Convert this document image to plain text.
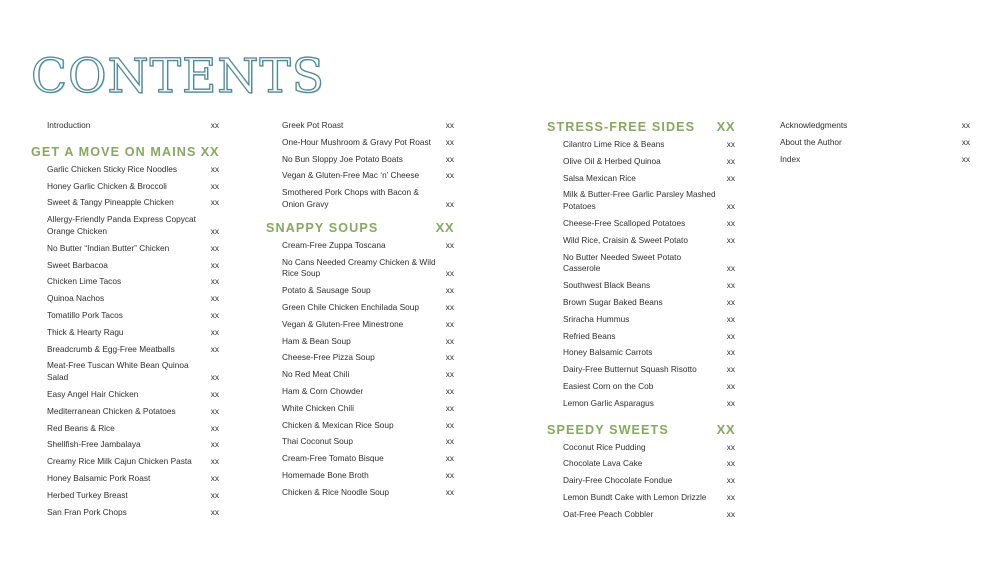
CONTENTS
Introduction	xx
GET A MOVE ON MAINS XX
Garlic Chicken Sticky Rice Noodles	xx
Honey Garlic Chicken & Broccoli	xx
Sweet & Tangy Pineapple Chicken	xx
Allergy-Friendly Panda Express Copycat Orange Chicken	xx
No Butter “Indian Butter” Chicken	xx
Sweet Barbacoa	xx
Chicken Lime Tacos	xx
Quinoa Nachos	xx
Tomatillo Pork Tacos	xx
Thick & Hearty Ragu	xx
Breadcrumb & Egg-Free Meatballs	xx
Meat-Free Tuscan White Bean Quinoa Salad	xx
Easy Angel Hair Chicken	xx
Mediterranean Chicken & Potatoes	xx
Red Beans & Rice	xx
Shellfish-Free Jambalaya	xx
Creamy Rice Milk Cajun Chicken Pasta	xx
Honey Balsamic Pork Roast	xx
Herbed Turkey Breast	xx
San Fran Pork Chops	xx
Greek Pot Roast	xx
One-Hour Mushroom & Gravy Pot Roast	xx
No Bun Sloppy Joe Potato Boats	xx
Vegan & Gluten-Free Mac ‘n’ Cheese	xx
Smothered Pork Chops with Bacon & Onion Gravy	xx
SNAPPY SOUPS	XX
Cream-Free Zuppa Toscana	xx
No Cans Needed Creamy Chicken & Wild Rice Soup	xx
Potato & Sausage Soup	xx
Green Chile Chicken Enchilada Soup	xx
Vegan & Gluten-Free Minestrone	xx
Ham & Bean Soup	xx
Cheese-Free Pizza Soup	xx
No Red Meat Chili	xx
Ham & Corn Chowder	xx
White Chicken Chili	xx
Chicken & Mexican Rice Soup	xx
Thai Coconut Soup	xx
Cream-Free Tomato Bisque	xx
Homemade Bone Broth	xx
Chicken & Rice Noodle Soup	xx
STRESS-FREE SIDES XX
Cilantro Lime Rice & Beans	xx
Olive Oil & Herbed Quinoa	xx
Salsa Mexican Rice	xx
Milk & Butter-Free Garlic Parsley Mashed Potatoes	xx
Cheese-Free Scalloped Potatoes	xx
Wild Rice, Craisin & Sweet Potato	xx
No Butter Needed Sweet Potato Casserole	xx
Southwest Black Beans	xx
Brown Sugar Baked Beans	xx
Sriracha Hummus	xx
Refried Beans	xx
Honey Balsamic Carrots	xx
Dairy-Free Butternut Squash Risotto	xx
Easiest Corn on the Cob	xx
Lemon Garlic Asparagus	xx
SPEEDY SWEETS	XX
Coconut Rice Pudding	xx
Chocolate Lava Cake	xx
Dairy-Free Chocolate Fondue	xx
Lemon Bundt Cake with Lemon Drizzle	xx
Oat-Free Peach Cobbler	xx
Acknowledgments	xx
About the Author	xx
Index	xx
